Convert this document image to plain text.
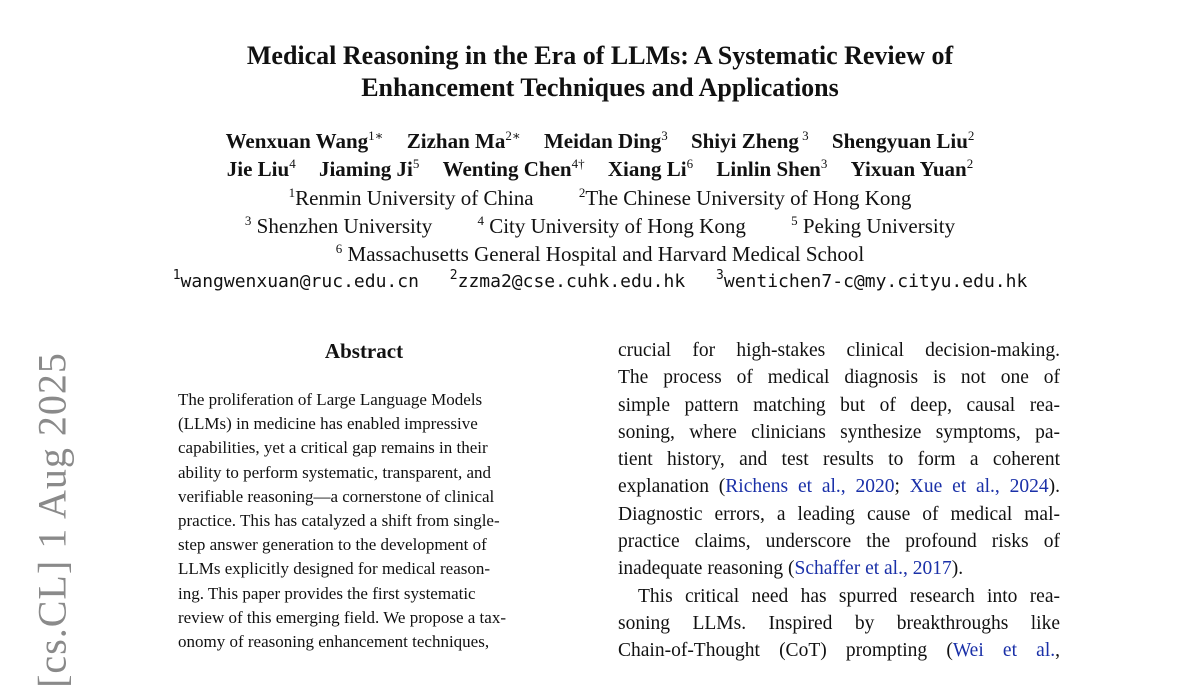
Medical Reasoning in the Era of LLMs: A Systematic Review of
Enhancement Techniques and Applications
Wenxuan Wang$^{1∗}$ Zizhan $Ma^{2∗}$ Meidan Ding$^3$ Shiyi Zheng $^3$ Shengyuan Liu$^2$
Jie Liu$^4$ Jiaming Ji$^5$ Wenting Chen$^{4\dagger}$ Xiang Li$^6$ Linlin Shen$^3$ Yixuan Yuan$^2$
$^1$Renmin University of China	$^2$The Chinese University of Hong Kong
$^3$ Shenzhen University	$^4$ City University of Hong Kong	$^5$ Peking University
$^6$ Massachusetts General Hospital and Harvard Medical School
$^1$wangwenxuan@ruc.edu.cn $^2$zzma2@cse.cuhk.edu.hk $^3$wentichen7-c@my.cityu.edu.hk
Abstract
The proliferation of Large Language Models
(LLMs) in medicine has enabled impressive
capabilities, yet a critical gap remains in their
ability to perform systematic, transparent, and
verifiable reasoning—a cornerstone of clinical
practice. This has catalyzed a shift from single-
step answer generation to the development of
LLMs explicitly designed for medical reason-
ing. This paper provides the first systematic
review of this emerging field. We propose a tax-
onomy of reasoning enhancement techniques,
crucial for high-stakes clinical decision-making.
The process of medical diagnosis is not one of
simple pattern matching but of deep, causal rea-
soning, where clinicians synthesize symptoms, pa-
tient history, and test results to form a coherent
explanation (Richens et al., 2020; Xue et al., 2024).
Diagnostic errors, a leading cause of medical mal-
practice claims, underscore the profound risks of
inadequate reasoning (Schaffer et al., 2017).
This critical need has spurred research into rea-
soning LLMs. Inspired by breakthroughs like
Chain-of-Thought (CoT) prompting (Wei et al.,
[cs.CL] 1 Aug 2025
